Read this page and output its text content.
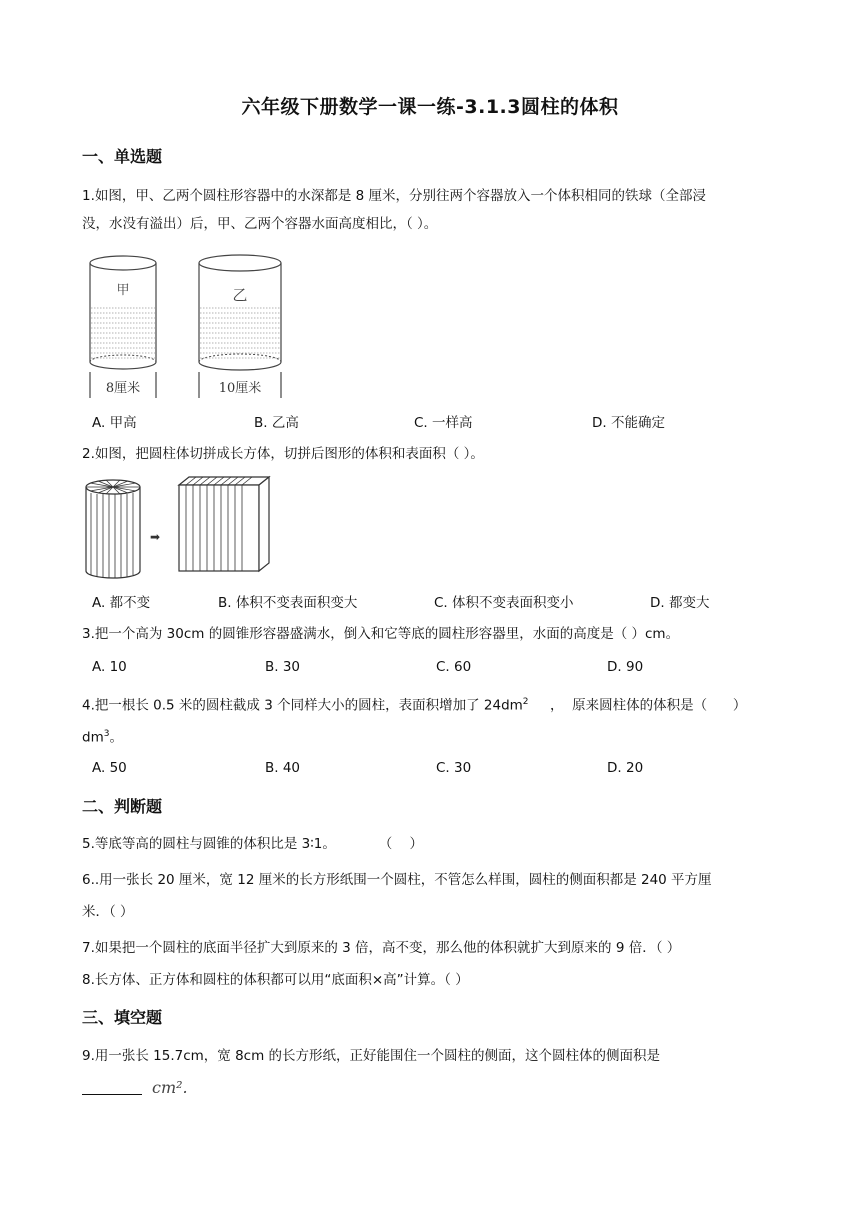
六年级下册数学一课一练-3.1.3圆柱的体积
一、单选题
1.如图，甲、乙两个圆柱形容器中的水深都是 8 厘米，分别往两个容器放入一个体积相同的铁球（全部浸
没，水没有溢出）后，甲、乙两个容器水面高度相比，（ ）。
甲
8厘米
乙
10厘米
A. 甲高	B. 乙高	C. 一样高	D. 不能确定
2.如图，把圆柱体切拼成长方体，切拼后图形的体积和表面积（ ）。
➡
A. 都不变	B. 体积不变表面积变大	C. 体积不变表面积变小	D. 都变大
3.把一个高为 30cm 的圆锥形容器盛满水，倒入和它等底的圆柱形容器里，水面的高度是（ ）cm。
A. 10	B. 30	C. 60	D. 90
4.把一根长 0.5 米的圆柱截成 3 个同样大小的圆柱，表面积增加了 $24dm^2$     ，  原来圆柱体的体积是（      ）
$dm^3$。
A. 50	B. 40	C. 30	D. 20
二、判断题
5.等底等高的圆柱与圆锥的体积比是 3∶1。          （    ）
6..用一张长 20 厘米，宽 12 厘米的长方形纸围一个圆柱，不管怎么样围，圆柱的侧面积都是 240 平方厘
米．（ ）
7.如果把一个圆柱的底面半径扩大到原来的 3 倍，高不变，那么他的体积就扩大到原来的 9 倍．（ ）
8.长方体、正方体和圆柱的体积都可以用“底面积×高”计算。（ ）
三、填空题
9.用一张长 15.7cm，宽 8cm 的长方形纸，正好能围住一个圆柱的侧面，这个圆柱体的侧面积是
cm².
